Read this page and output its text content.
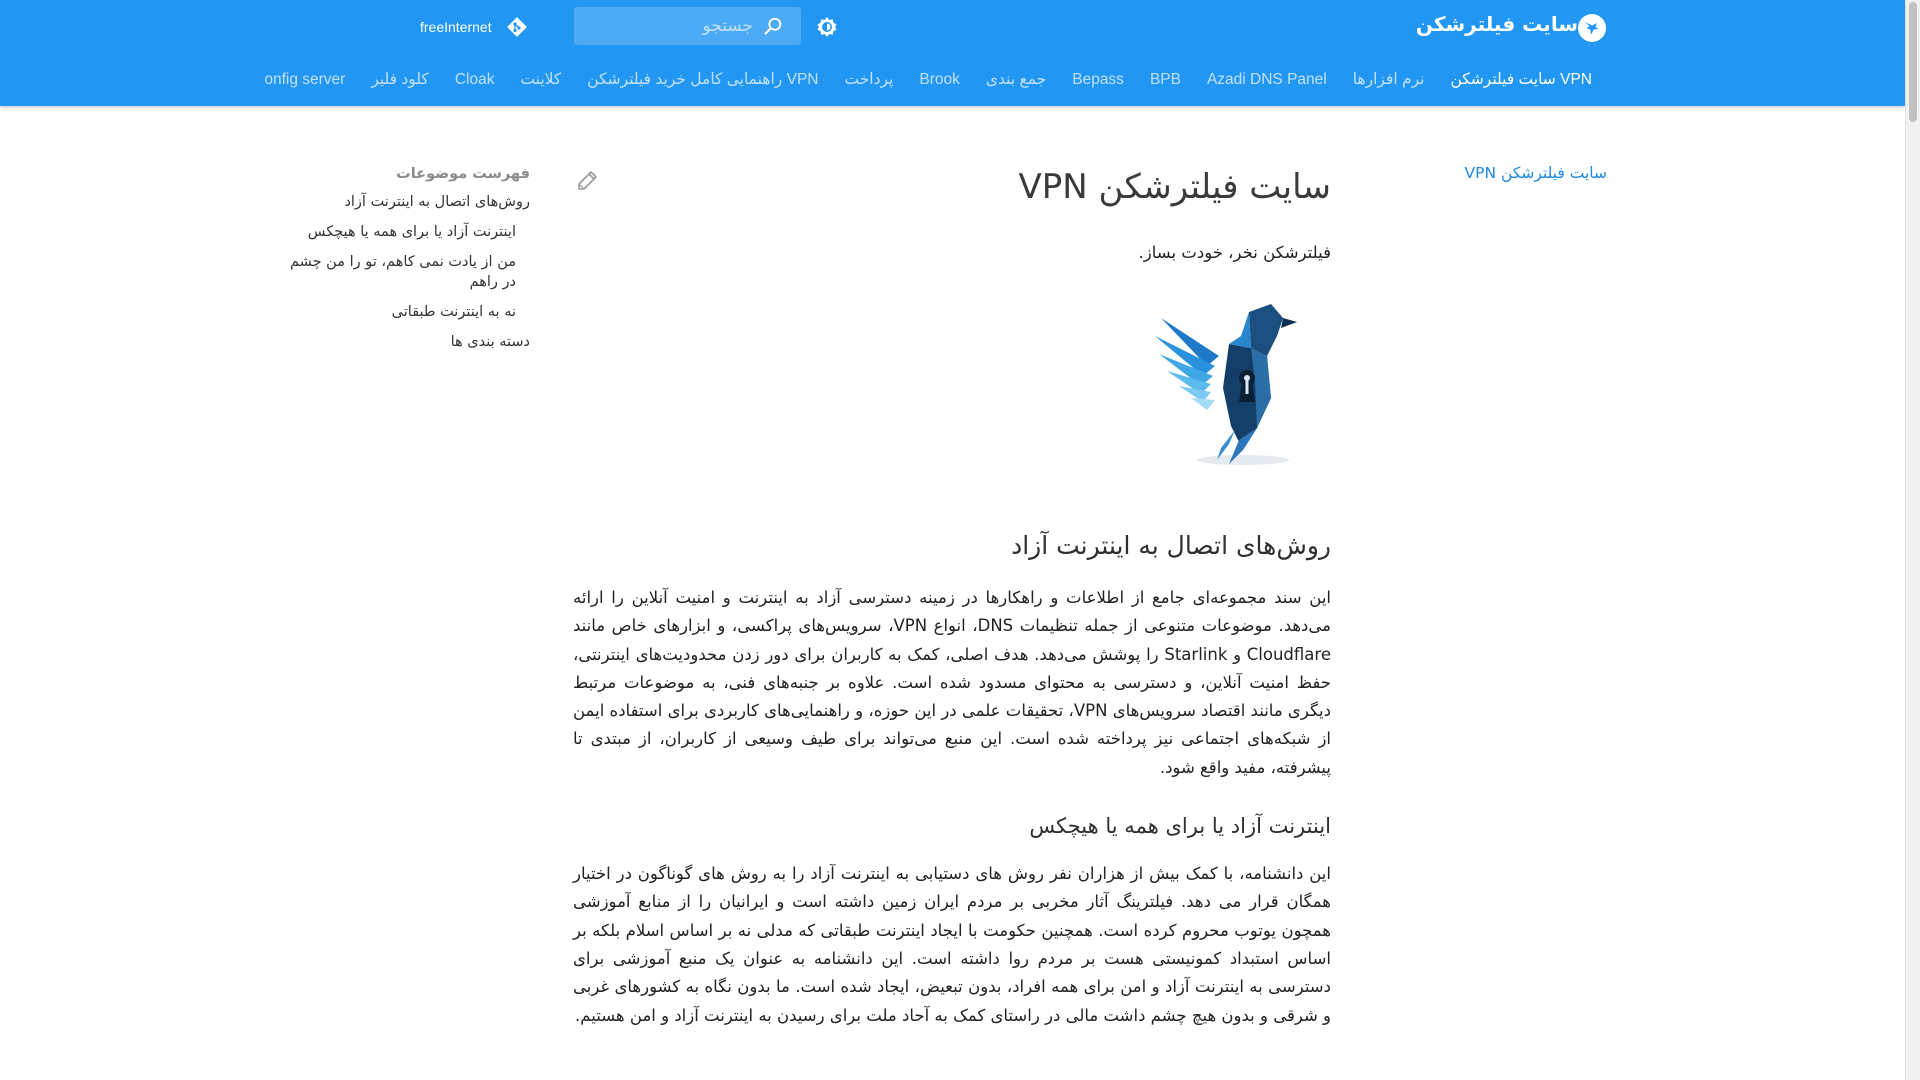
سایت فیلترشکن
جستجو
freeInternet
سایت فیلترشکن VPN
نرم افزارها
Azadi DNS Panel
BPB
Bepass
جمع بندی
Brook
پرداخت
راهنمایی کامل خرید فیلترشکن VPN
کلاینت
Cloak
کلود فلیر
onfig server
سایت فیلترشکن VPN
سایت فیلترشکن VPN
فیلترشکن نخر، خودت بساز.
روش‌های اتصال به اینترنت آزاد

این سند مجموعه‌ای جامع از اطلاعات و راهکارها در زمینه دسترسی آزاد به اینترنت و امنیت آنلاین را ارائه می‌دهد. موضوعات متنوعی از جمله تنظیمات DNS، انواع VPN، سرویس‌های پراکسی، و ابزارهای خاص مانند Cloudflare و Starlink را پوشش می‌دهد. هدف اصلی، کمک به کاربران برای دور زدن محدودیت‌های اینترنتی، حفظ امنیت آنلاین، و دسترسی به محتوای مسدود شده است. علاوه بر جنبه‌های فنی، به موضوعات مرتبط دیگری مانند اقتصاد سرویس‌های VPN، تحقیقات علمی در این حوزه، و راهنمایی‌های کاربردی برای استفاده ایمن از شبکه‌های اجتماعی نیز پرداخته شده است. این منبع می‌تواند برای طیف وسیعی از کاربران، از مبتدی تا پیشرفته، مفید واقع شود.

اینترنت آزاد یا برای همه یا هیچکس

این دانشنامه، با کمک بیش از هزاران نفر روش های دستیابی به اینترنت آزاد را به روش های گوناگون در اختیار همگان قرار می دهد. فیلترینگ آثار مخربی بر مردم ایران زمین داشته است و ایرانیان را از منابع آموزشی همچون یوتوب محروم کرده است. همچنین حکومت با ایجاد اینترنت طبقاتی که مدلی نه بر اساس اسلام بلکه بر اساس استبداد کمونیستی هست بر مردم روا داشته است. این دانشنامه به عنوان یک منبع آموزشی برای دسترسی به اینترنت آزاد و امن برای همه افراد، بدون تبعیض، ایجاد شده است. ما بدون نگاه به کشورهای غربی و شرقی و بدون هیچ چشم داشت مالی در راستای کمک به آحاد ملت برای رسیدن به اینترنت آزاد و امن هستیم.

فهرست موضوعات
روش‌های اتصال به اینترنت آزاد
اینترنت آزاد یا برای همه یا هیچکس
من از یادت نمی کاهم، تو را من چشم در راهم
نه به اینترنت طبقاتی
دسته بندی ها
